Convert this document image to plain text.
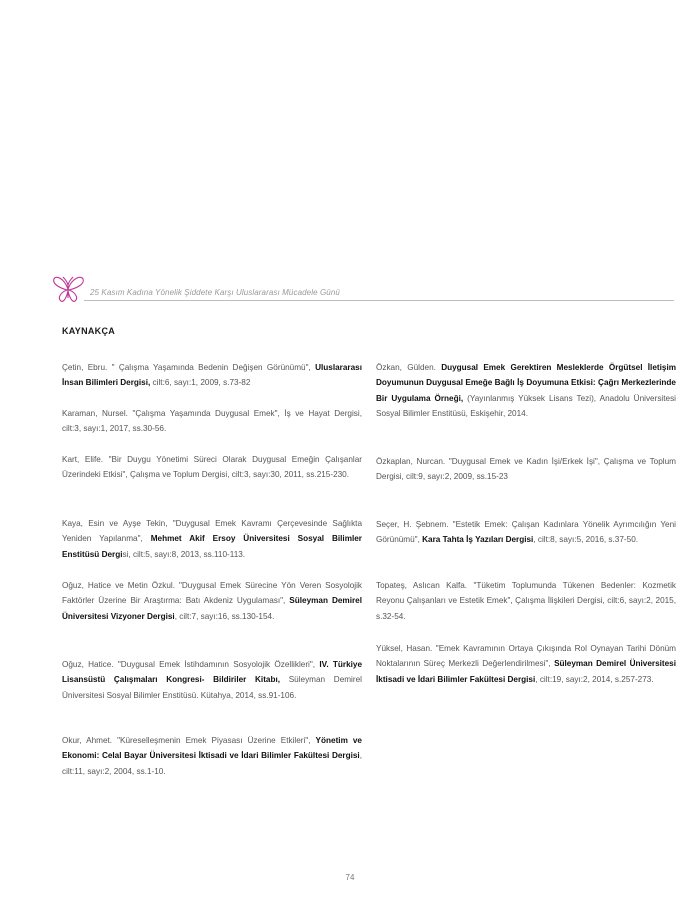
25 Kasım Kadına Yönelik Şiddete Karşı Uluslararası Mücadele Günü
KAYNAKÇA

Çetin, Ebru. " Çalışma Yaşamında Bedenin Değişen Görünümü", Uluslararası İnsan Bilimleri Dergisi, cilt:6, sayı:1, 2009, s.73-82

Karaman, Nursel. "Çalışma Yaşamında Duygusal Emek", İş ve Hayat Dergisi, cilt:3, sayı:1, 2017, ss.30-56.

Kart, Elife. "Bir Duygu Yönetimi Süreci Olarak Duygusal Emeğin Çalışanlar Üzerindeki Etkisi", Çalışma ve Toplum Dergisi, cilt:3, sayı:30, 2011, ss.215-230.

Kaya, Esin ve Ayşe Tekin, "Duygusal Emek Kavramı Çerçevesinde Sağlıkta Yeniden Yapılanma", Mehmet Akif Ersoy Üniversitesi Sosyal Bilimler Enstitüsü Dergisi, cilt:5, sayı:8, 2013, ss.110-113.

Oğuz, Hatice ve Metin Özkul. "Duygusal Emek Sürecine Yön Veren Sosyolojik Faktörler Üzerine Bir Araştırma: Batı Akdeniz Uygulaması", Süleyman Demirel Üniversitesi Vizyoner Dergisi, cilt:7, sayı:16, ss.130-154.

Oğuz, Hatice. "Duygusal Emek İstihdamının Sosyolojik Özellikleri", IV. Türkiye Lisansüstü Çalışmaları Kongresi- Bildiriler Kitabı, Süleyman Demirel Üniversitesi Sosyal Bilimler Enstitüsü. Kütahya, 2014, ss.91-106.

Okur, Ahmet. "Küreselleşmenin Emek Piyasası Üzerine Etkileri", Yönetim ve Ekonomi: Celal Bayar Üniversitesi İktisadi ve İdari Bilimler Fakültesi Dergisi, cilt:11, sayı:2, 2004, ss.1-10.

Özkan, Gülden. Duygusal Emek Gerektiren Mesleklerde Örgütsel İletişim Doyumunun Duygusal Emeğe Bağlı İş Doyumuna Etkisi: Çağrı Merkezlerinde Bir Uygulama Örneği, (Yayınlanmış Yüksek Lisans Tezi), Anadolu Üniversitesi Sosyal Bilimler Enstitüsü, Eskişehir, 2014.

Özkaplan, Nurcan. "Duygusal Emek ve Kadın İşi/Erkek İşi", Çalışma ve Toplum Dergisi, cilt:9, sayı:2, 2009, ss.15-23

Seçer, H. Şebnem. "Estetik Emek: Çalışan Kadınlara Yönelik Ayrımcılığın Yeni Görünümü", Kara Tahta İş Yazıları Dergisi, cilt:8, sayı:5, 2016, s.37-50.

Topateş, Aslıcan Kalfa. "Tüketim Toplumunda Tükenen Bedenler: Kozmetik Reyonu Çalışanları ve Estetik Emek", Çalışma İlişkileri Dergisi, cilt:6, sayı:2, 2015, s.32-54.

Yüksel, Hasan. "Emek Kavramının Ortaya Çıkışında Rol Oynayan Tarihi Dönüm Noktalarının Süreç Merkezli Değerlendirilmesi", Süleyman Demirel Üniversitesi İktisadi ve İdari Bilimler Fakültesi Dergisi, cilt:19, sayı:2, 2014, s.257-273.

74
